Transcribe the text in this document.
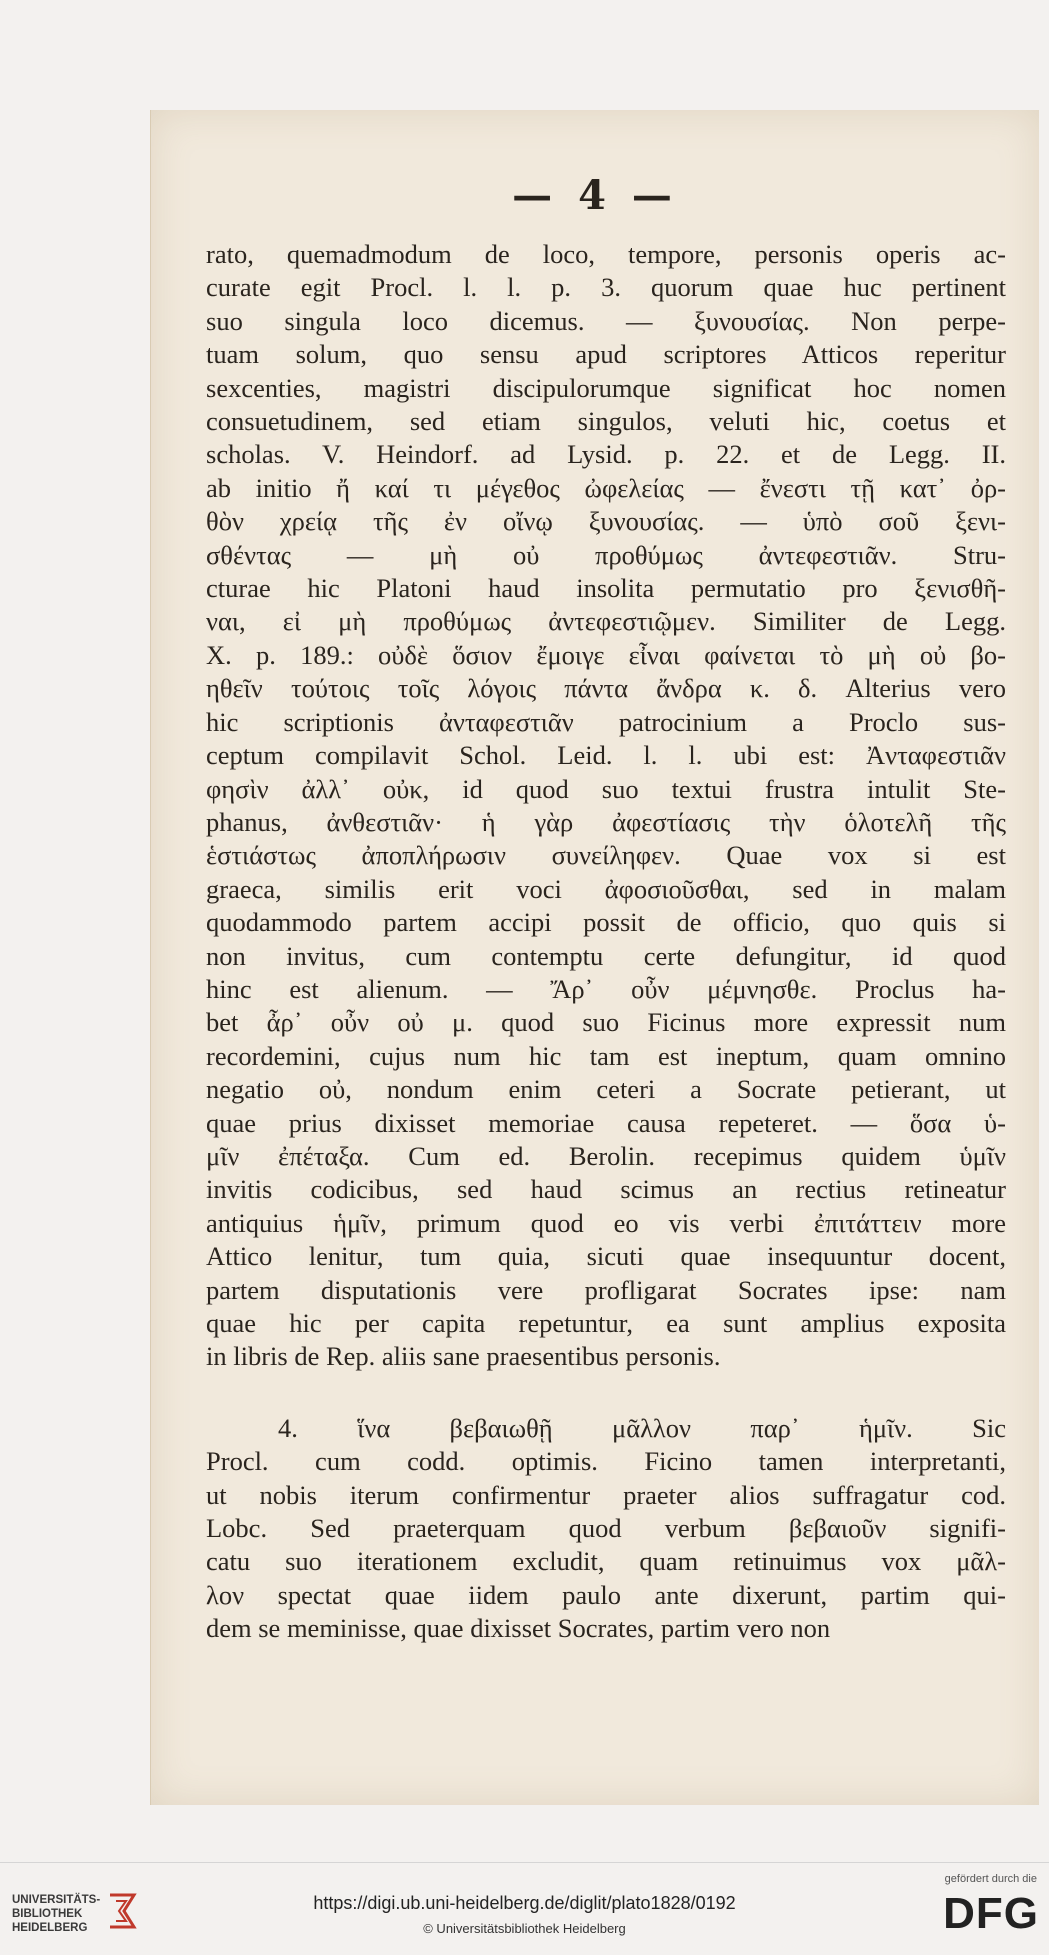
— 4 —
rato, quemadmodum de loco, tempore, personis operis ac-
curate egit Procl. l. l. p. 3. quorum quae huc pertinent
suo singula loco dicemus. — ξυνουσίας. Non perpe-
tuam solum, quo sensu apud scriptores Atticos reperitur
sexcenties, magistri discipulorumque significat hoc nomen
consuetudinem, sed etiam singulos, veluti hic, coetus et
scholas. V. Heindorf. ad Lysid. p. 22. et de Legg. II.
ab initio ἤ καί τι μέγεθος ὠφελείας — ἔνεστι τῇ κατ᾽ ὀρ-
θὸν χρείᾳ τῆς ἐν οἴνῳ ξυνουσίας. — ὑπὸ σοῦ ξενι-
σθέντας — μὴ οὐ προθύμως ἀντεφεστιᾶν. Stru-
cturae hic Platoni haud insolita permutatio pro ξενισθῆ-
ναι, εἰ μὴ προθύμως ἀντεφεστιῷμεν. Similiter de Legg.
X. p. 189.: οὐδὲ ὅσιον ἔμοιγε εἶναι φαίνεται τὸ μὴ οὐ βο-
ηθεῖν τούτοις τοῖς λόγοις πάντα ἄνδρα κ. δ. Alterius vero
hic scriptionis ἀνταφεστιᾶν patrocinium a Proclo sus-
ceptum compilavit Schol. Leid. l. l. ubi est: Ἀνταφεστιᾶν
φησὶν ἀλλ᾽ οὐκ, id quod suo textui frustra intulit Ste-
phanus, ἀνθεστιᾶν· ἡ γὰρ ἀφεστίασις τὴν ὁλοτελῆ τῆς
ἑστιάστως ἀποπλήρωσιν συνείληφεν. Quae vox si est
graeca, similis erit voci ἀφοσιοῦσθαι, sed in malam
quodammodo partem accipi possit de officio, quo quis si
non invitus, cum contemptu certe defungitur, id quod
hinc est alienum. — Ἄρ᾽ οὖν μέμνησθε. Proclus ha-
bet ἆρ᾽ οὖν οὐ μ. quod suo Ficinus more expressit num
recordemini, cujus num hic tam est ineptum, quam omnino
negatio οὐ, nondum enim ceteri a Socrate petierant, ut
quae prius dixisset memoriae causa repeteret. — ὅσα ὑ-
μῖν ἐπέταξα. Cum ed. Berolin. recepimus quidem ὑμῖν
invitis codicibus, sed haud scimus an rectius retineatur
antiquius ἡμῖν, primum quod eo vis verbi ἐπιτάττειν more
Attico lenitur, tum quia, sicuti quae insequuntur docent,
partem disputationis vere profligarat Socrates ipse: nam
quae hic per capita repetuntur, ea sunt amplius exposita
in libris de Rep. aliis sane praesentibus personis.
4. ἵνα βεβαιωθῇ μᾶλλον παρ᾽ ἡμῖν. Sic
Procl. cum codd. optimis. Ficino tamen interpretanti,
ut nobis iterum confirmentur praeter alios suffragatur cod.
Lobc. Sed praeterquam quod verbum βεβαιοῦν signifi-
catu suo iterationem excludit, quam retinuimus vox μᾶλ-
λον spectat quae iidem paulo ante dixerunt, partim qui-
dem se meminisse, quae dixisset Socrates, partim vero non
UNIVERSITÄTS-
BIBLIOTHEK
HEIDELBERG
https://digi.ub.uni-heidelberg.de/diglit/plato1828/0192
© Universitätsbibliothek Heidelberg
gefördert durch die
DFG
